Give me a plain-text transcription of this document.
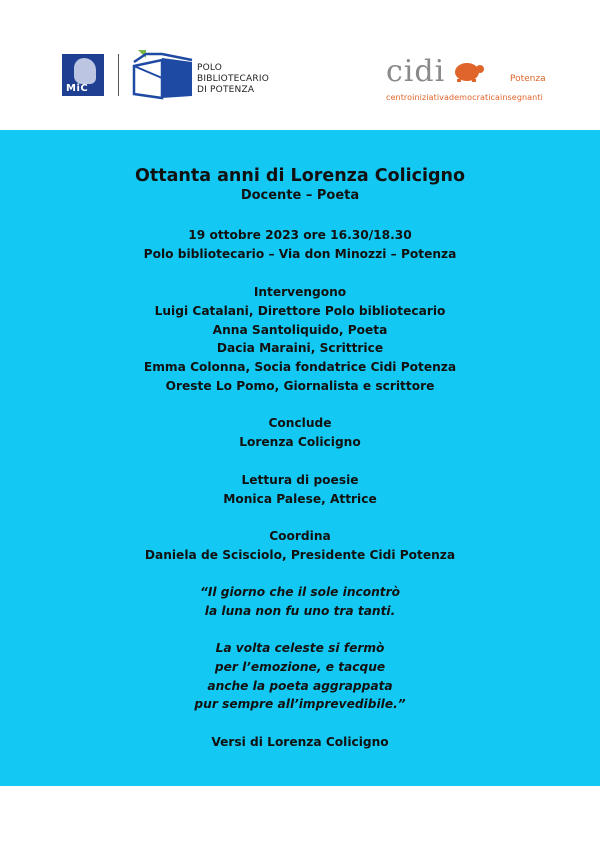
MiC
POLO
BIBLIOTECARIO
DI POTENZA
cidi	Potenza
centroiniziativademocraticainsegnanti
Ottanta anni di Lorenza Colicigno
Docente – Poeta
19 ottobre 2023 ore 16.30/18.30
Polo bibliotecario – Via don Minozzi – Potenza
Intervengono
Luigi Catalani, Direttore Polo bibliotecario
Anna Santoliquido, Poeta
Dacia Maraini, Scrittrice
Emma Colonna, Socia fondatrice Cidi Potenza
Oreste Lo Pomo, Giornalista e scrittore
Conclude
Lorenza Colicigno
Lettura di poesie
Monica Palese, Attrice
Coordina
Daniela de Scisciolo, Presidente Cidi Potenza
“Il giorno che il sole incontrò
la luna non fu uno tra tanti.
La volta celeste si fermò
per l’emozione, e tacque
anche la poeta aggrappata
pur sempre all’imprevedibile.”
Versi di Lorenza Colicigno
